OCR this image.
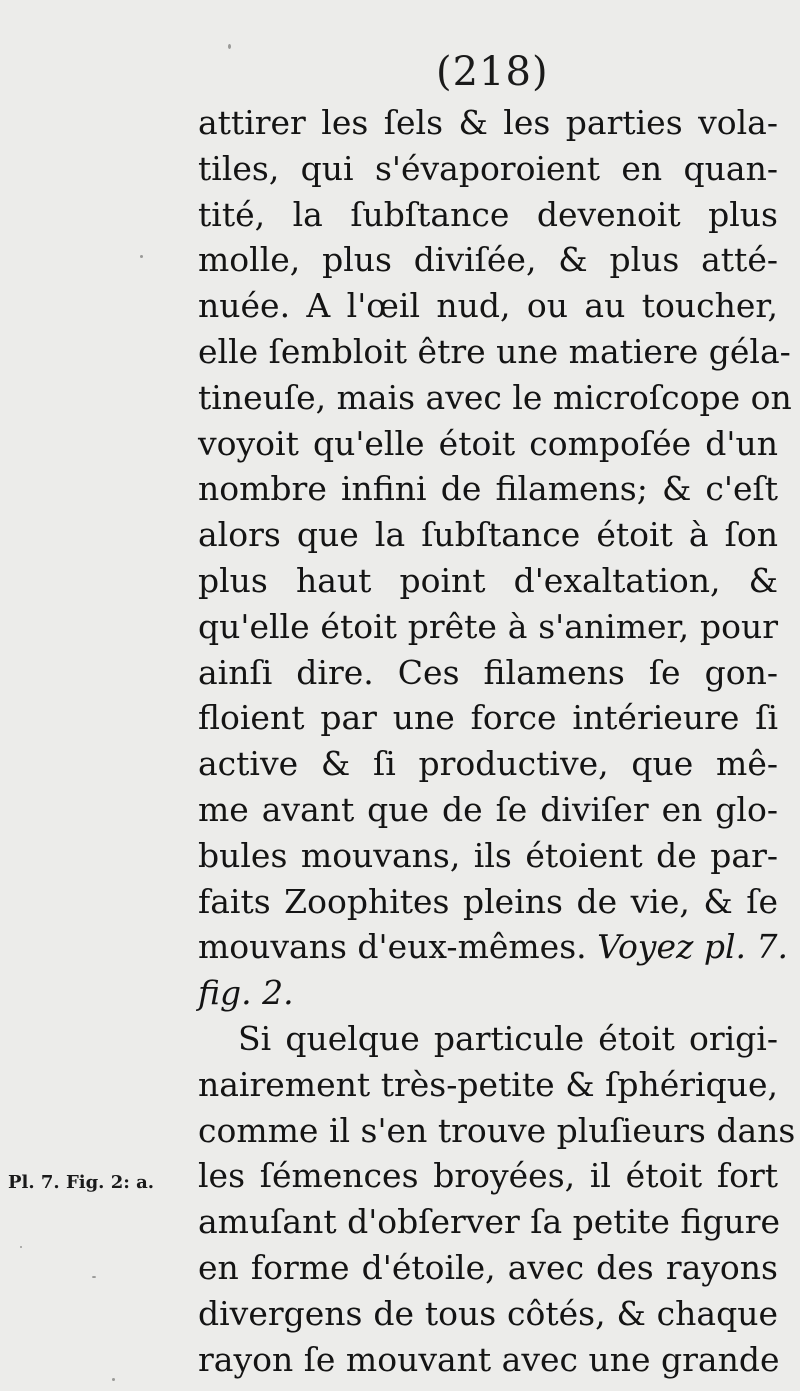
(218)
attirer les ſels & les parties vola-
tiles, qui s'évaporoient en quan-
tité, la ſubſtance devenoit plus
molle, plus diviſée, & plus atté-
nuée. A l'œil nud, ou au toucher,
elle ſembloit être une matiere géla-
tineuſe, mais avec le microſcope on
voyoit qu'elle étoit compoſée d'un
nombre infini de filamens; & c'eſt
alors que la ſubſtance étoit à ſon
plus haut point d'exaltation, &
qu'elle étoit prête à s'animer, pour
ainſi dire. Ces filamens ſe gon-
floient par une force intérieure ſi
active & ſi productive, que mê-
me avant que de ſe diviſer en glo-
bules mouvans, ils étoient de par-
faits Zoophites pleins de vie, & ſe
mouvans d'eux-mêmes. Voyez pl. 7.
fig. 2.
Si quelque particule étoit origi-
nairement très-petite & ſphérique,
comme il s'en trouve pluſieurs dans
les ſémences broyées, il étoit fort
amuſant d'obſerver ſa petite figure
en forme d'étoile, avec des rayons
divergens de tous côtés, & chaque
rayon ſe mouvant avec une grande
Pl. 7. Fig. 2: a.
